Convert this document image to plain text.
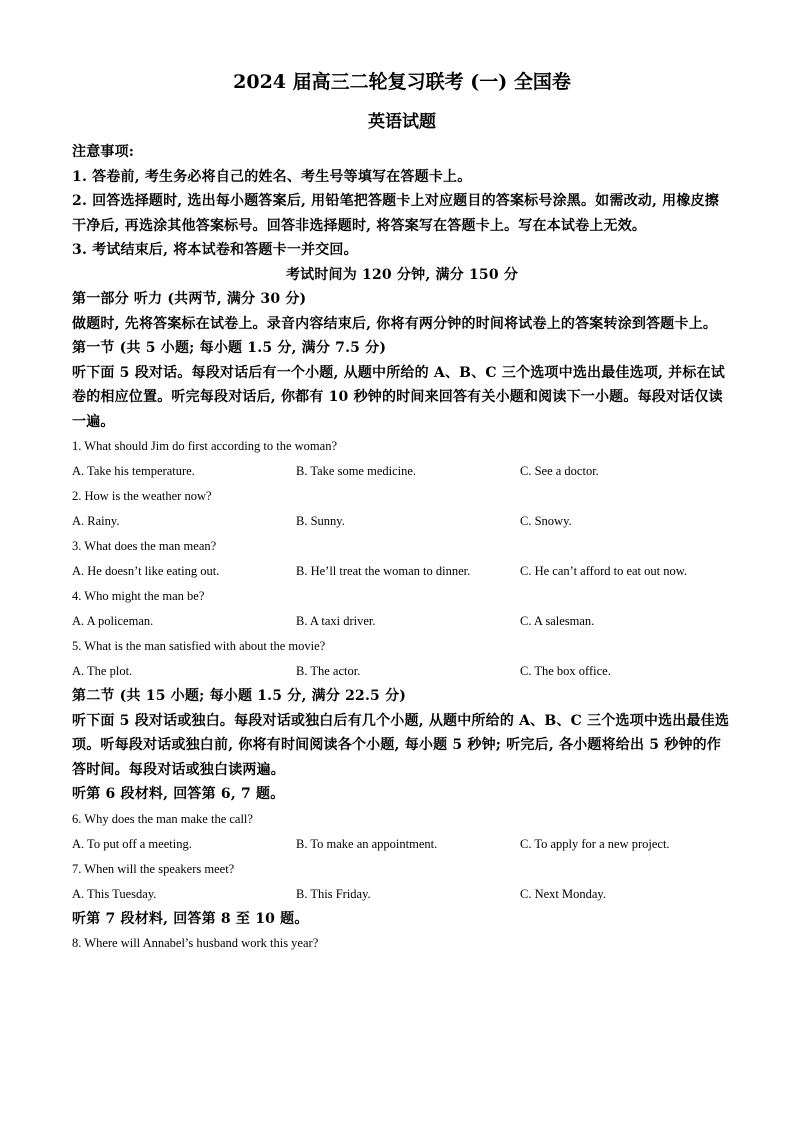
2024 届高三二轮复习联考 (一) 全国卷

英语试题

注意事项:

1. 答卷前, 考生务必将自己的姓名、考生号等填写在答题卡上。

2. 回答选择题时, 选出每小题答案后, 用铅笔把答题卡上对应题目的答案标号涂黑。如需改动, 用橡皮擦干净后, 再选涂其他答案标号。回答非选择题时, 将答案写在答题卡上。写在本试卷上无效。

3. 考试结束后, 将本试卷和答题卡一并交回。

考试时间为 120 分钟, 满分 150 分

第一部分 听力 (共两节, 满分 30 分)

做题时, 先将答案标在试卷上。录音内容结束后, 你将有两分钟的时间将试卷上的答案转涂到答题卡上。

第一节 (共 5 小题; 每小题 1.5 分, 满分 7.5 分)

听下面 5 段对话。每段对话后有一个小题, 从题中所给的 A、B、C 三个选项中选出最佳选项, 并标在试卷的相应位置。听完每段对话后, 你都有 10 秒钟的时间来回答有关小题和阅读下一小题。每段对话仅读一遍。

1. What should Jim do first according to the woman?

A. Take his temperature.	B. Take some medicine.	C. See a doctor.

2. How is the weather now?

A. Rainy.	B. Sunny.	C. Snowy.

3. What does the man mean?

A. He doesn’t like eating out.	B. He’ll treat the woman to dinner.	C. He can’t afford to eat out now.

4. Who might the man be?

A. A policeman.	B. A taxi driver.	C. A salesman.

5. What is the man satisfied with about the movie?

A. The plot.	B. The actor.	C. The box office.

第二节 (共 15 小题; 每小题 1.5 分, 满分 22.5 分)

听下面 5 段对话或独白。每段对话或独白后有几个小题, 从题中所给的 A、B、C 三个选项中选出最佳选项。听每段对话或独白前, 你将有时间阅读各个小题, 每小题 5 秒钟; 听完后, 各小题将给出 5 秒钟的作答时间。每段对话或独白读两遍。

听第 6 段材料, 回答第 6, 7 题。

6. Why does the man make the call?

A. To put off a meeting.	B. To make an appointment.	C. To apply for a new project.

7. When will the speakers meet?

A. This Tuesday.	B. This Friday.	C. Next Monday.

听第 7 段材料, 回答第 8 至 10 题。

8. Where will Annabel’s husband work this year?
